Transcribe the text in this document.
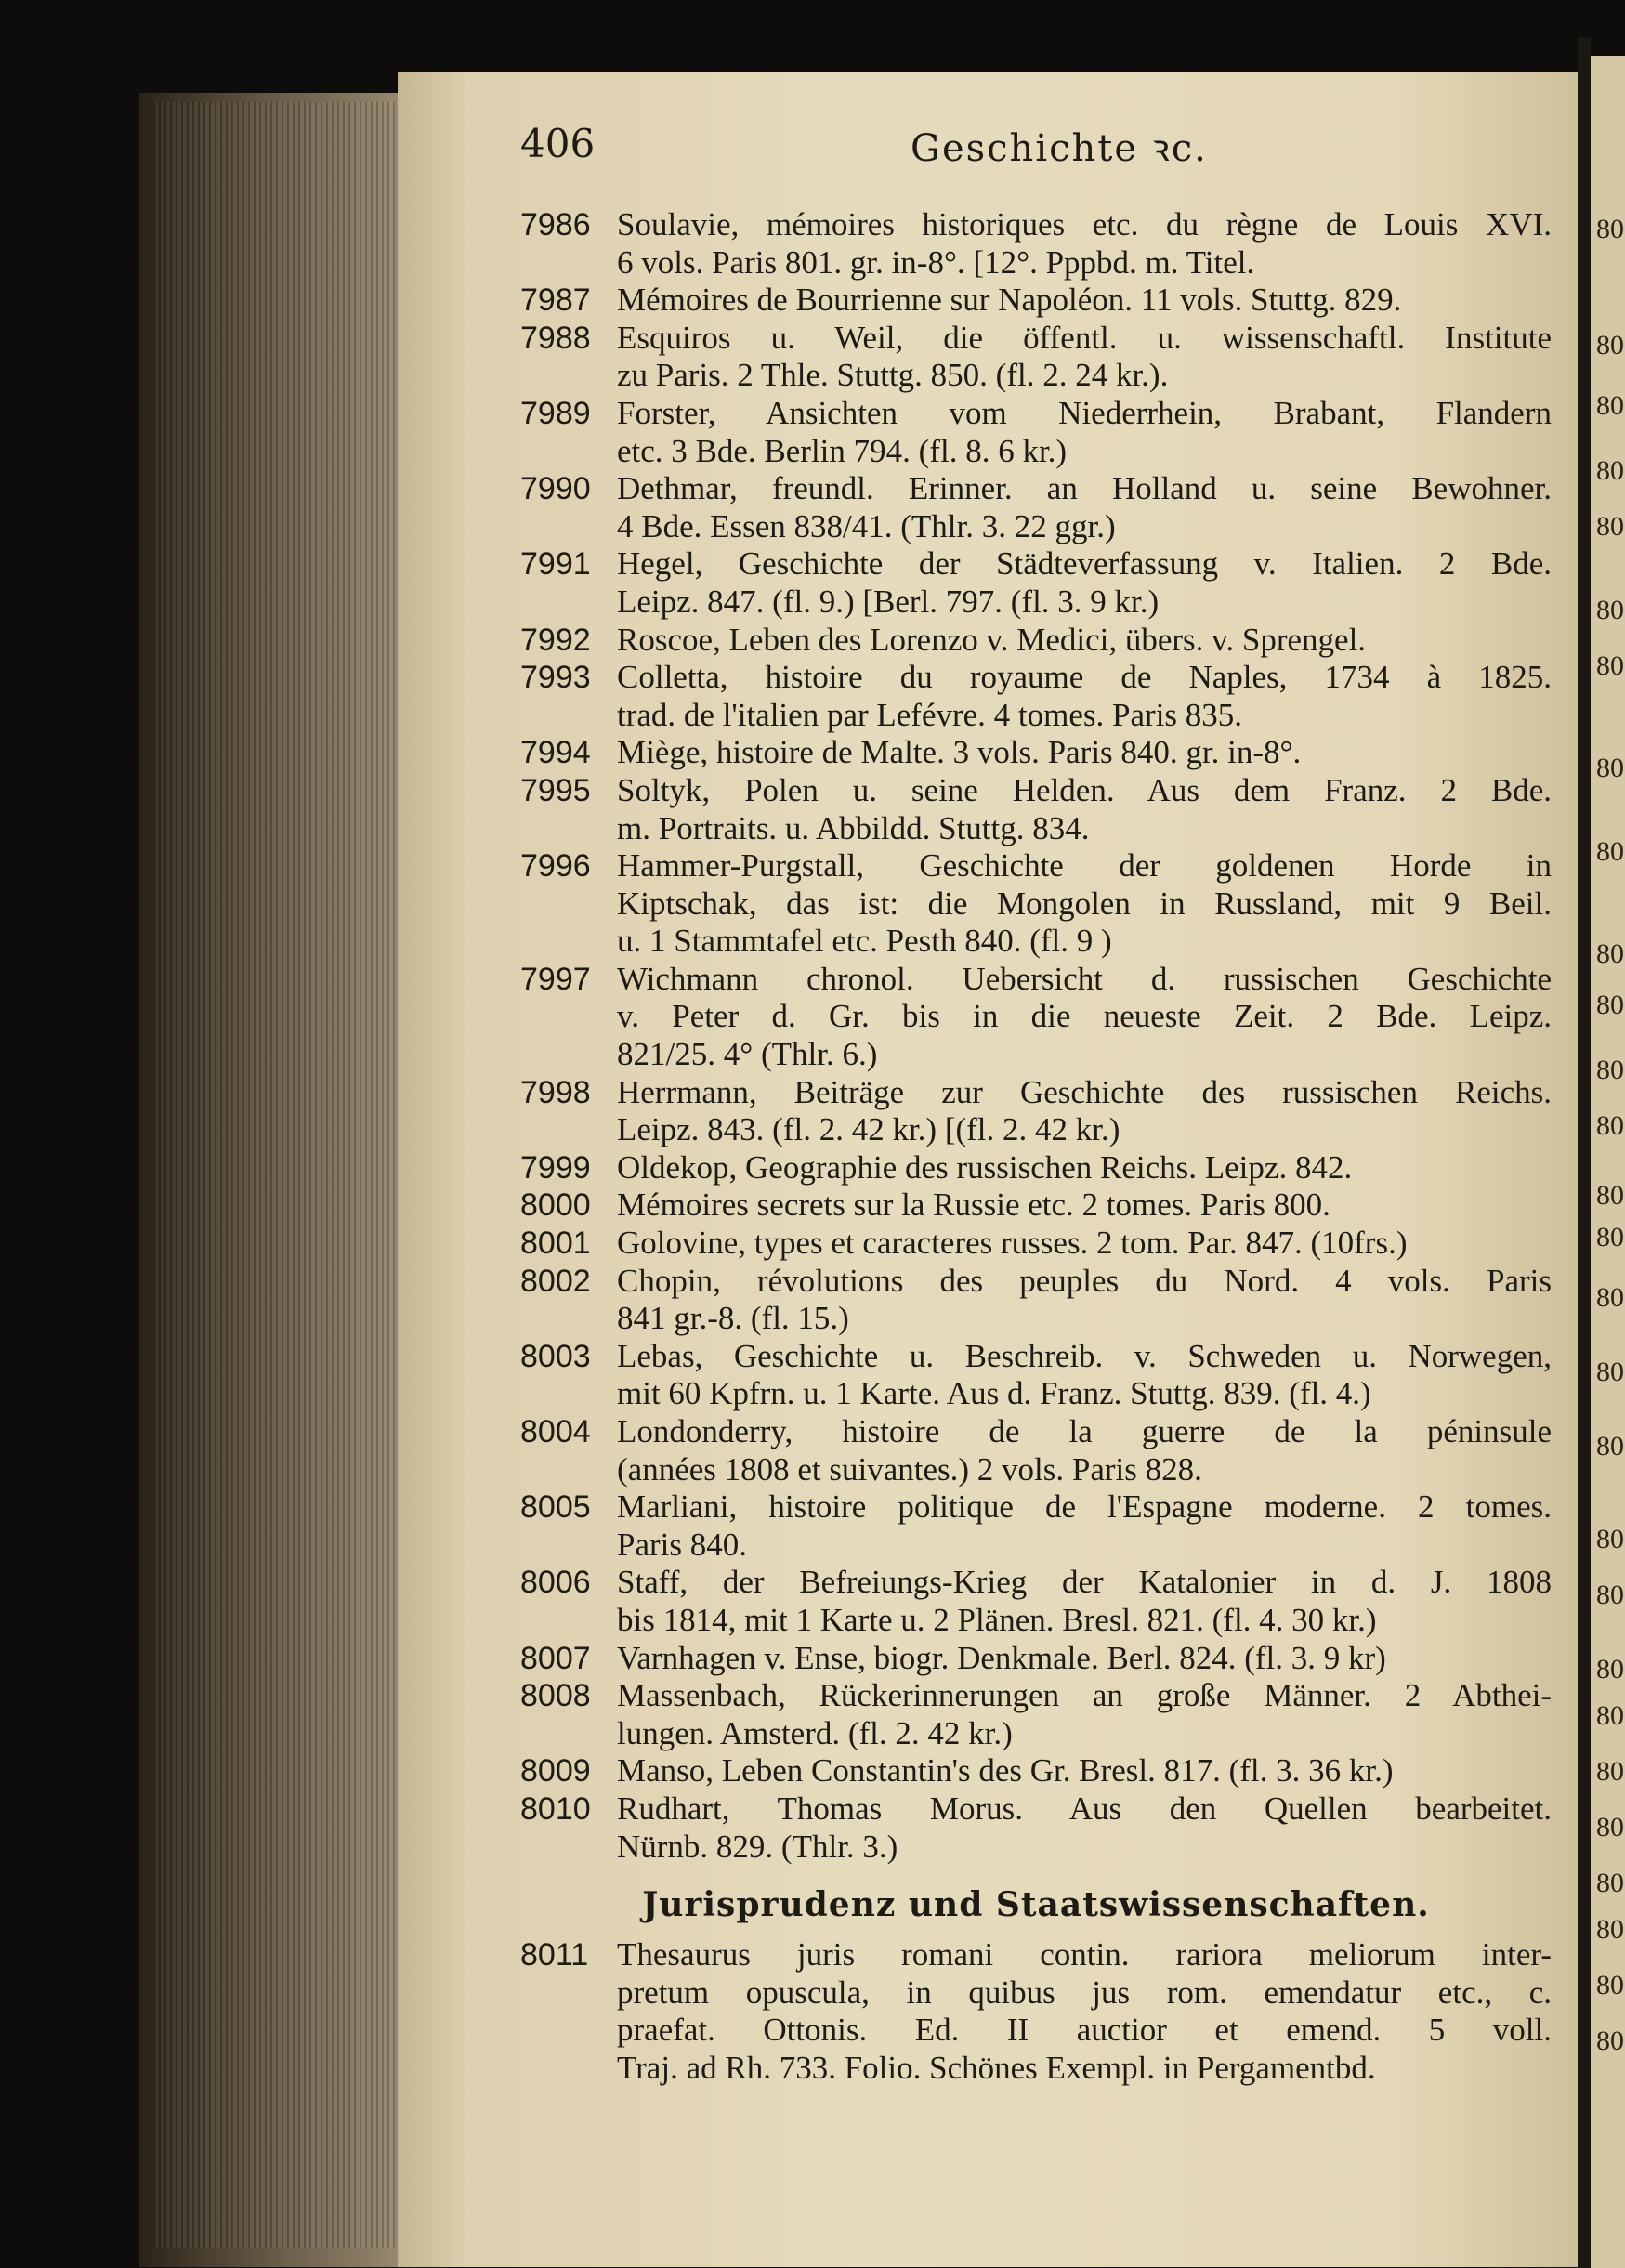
406	Geschichte ꝛc.
7986 Soulavie, mémoires historiques etc. du règne de Louis XVI.
6 vols. Paris 801. gr. in-8°. [12°. Pppbd. m. Titel.
7987 Mémoires de Bourrienne sur Napoléon. 11 vols. Stuttg. 829.
7988 Esquiros u. Weil, die öffentl. u. wissenschaftl. Institute
zu Paris. 2 Thle. Stuttg. 850. (fl. 2. 24 kr.).
7989 Forster, Ansichten vom Niederrhein, Brabant, Flandern
etc. 3 Bde. Berlin 794. (fl. 8. 6 kr.)
7990 Dethmar, freundl. Erinner. an Holland u. seine Bewohner.
4 Bde. Essen 838/41. (Thlr. 3. 22 ggr.)
7991 Hegel, Geschichte der Städteverfassung v. Italien. 2 Bde.
Leipz. 847. (fl. 9.) [Berl. 797. (fl. 3. 9 kr.)
7992 Roscoe, Leben des Lorenzo v. Medici, übers. v. Sprengel.
7993 Colletta, histoire du royaume de Naples, 1734 à 1825.
trad. de l'italien par Lefévre. 4 tomes. Paris 835.
7994 Miège, histoire de Malte. 3 vols. Paris 840. gr. in-8°.
7995 Soltyk, Polen u. seine Helden. Aus dem Franz. 2 Bde.
m. Portraits. u. Abbildd. Stuttg. 834.
7996 Hammer-Purgstall, Geschichte der goldenen Horde in
Kiptschak, das ist: die Mongolen in Russland, mit 9 Beil.
u. 1 Stammtafel etc. Pesth 840. (fl. 9 )
7997 Wichmann chronol. Uebersicht d. russischen Geschichte
v. Peter d. Gr. bis in die neueste Zeit. 2 Bde. Leipz.
821/25. 4° (Thlr. 6.)
7998 Herrmann, Beiträge zur Geschichte des russischen Reichs.
Leipz. 843. (fl. 2. 42 kr.) [(fl. 2. 42 kr.)
7999 Oldekop, Geographie des russischen Reichs. Leipz. 842.
8000 Mémoires secrets sur la Russie etc. 2 tomes. Paris 800.
8001 Golovine, types et caracteres russes. 2 tom. Par. 847. (10frs.)
8002 Chopin, révolutions des peuples du Nord. 4 vols. Paris
841 gr.-8. (fl. 15.)
8003 Lebas, Geschichte u. Beschreib. v. Schweden u. Norwegen,
mit 60 Kpfrn. u. 1 Karte. Aus d. Franz. Stuttg. 839. (fl. 4.)
8004 Londonderry, histoire de la guerre de la péninsule
(années 1808 et suivantes.) 2 vols. Paris 828.
8005 Marliani, histoire politique de l'Espagne moderne. 2 tomes.
Paris 840.
8006 Staff, der Befreiungs-Krieg der Katalonier in d. J. 1808
bis 1814, mit 1 Karte u. 2 Plänen. Bresl. 821. (fl. 4. 30 kr.)
8007 Varnhagen v. Ense, biogr. Denkmale. Berl. 824. (fl. 3. 9 kr)
8008 Massenbach, Rückerinnerungen an große Männer. 2 Abthei-
lungen. Amsterd. (fl. 2. 42 kr.)
8009 Manso, Leben Constantin's des Gr. Bresl. 817. (fl. 3. 36 kr.)
8010 Rudhart, Thomas Morus. Aus den Quellen bearbeitet.
Nürnb. 829. (Thlr. 3.)
Jurisprudenz und Staatswissenschaften.
8011 Thesaurus juris romani contin. rariora meliorum inter-
pretum opuscula, in quibus jus rom. emendatur etc., c.
praefat. Ottonis. Ed. II auctior et emend. 5 voll.
Traj. ad Rh. 733. Folio. Schönes Exempl. in Pergamentbd.
80
80
80
80
80
80
80
80
80
80
80
80
80
80
80
80
80
80
80
80
80
80
80
80
80
80
80
80
